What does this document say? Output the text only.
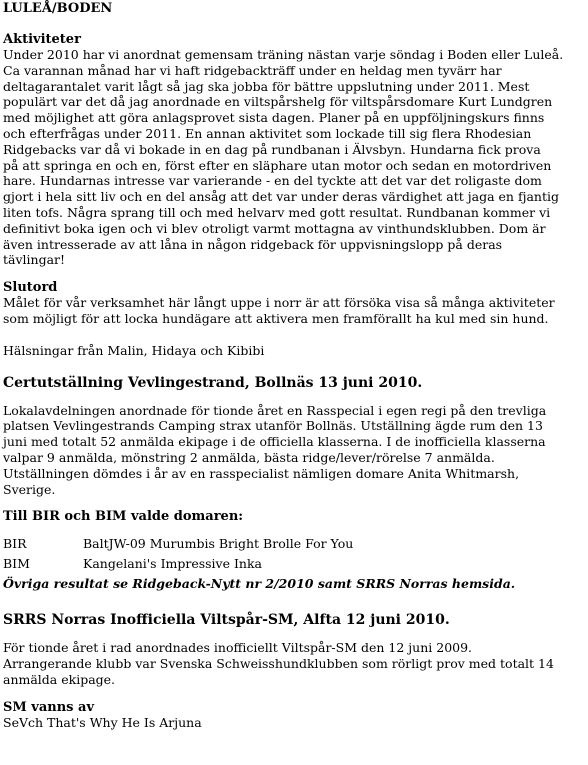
LULEÅ/BODEN

Aktiviteter

Under 2010 har vi anordnat gemensam träning nästan varje söndag i Boden eller Luleå.
Ca varannan månad har vi haft ridgebackträff under en heldag men tyvärr har
deltagarantalet varit lågt så jag ska jobba för bättre uppslutning under 2011. Mest
populärt var det då jag anordnade en viltspårshelg för viltspårsdomare Kurt Lundgren
med möjlighet att göra anlagsprovet sista dagen. Planer på en uppföljningskurs finns
och efterfrågas under 2011. En annan aktivitet som lockade till sig flera Rhodesian
Ridgebacks var då vi bokade in en dag på rundbanan i Älvsbyn. Hundarna fick prova
på att springa en och en, först efter en släphare utan motor och sedan en motordriven
hare. Hundarnas intresse var varierande - en del tyckte att det var det roligaste dom
gjort i hela sitt liv och en del ansåg att det var under deras värdighet att jaga en fjantig
liten tofs. Några sprang till och med helvarv med gott resultat. Rundbanan kommer vi
definitivt boka igen och vi blev otroligt varmt mottagna av vinthundsklubben. Dom är
även intresserade av att låna in någon ridgeback för uppvisningslopp på deras
tävlingar!

Slutord

Målet för vår verksamhet här långt uppe i norr är att försöka visa så många aktiviteter
som möjligt för att locka hundägare att aktivera men framförallt ha kul med sin hund.

Hälsningar från Malin, Hidaya och Kibibi

Certutställning Vevlingestrand, Bollnäs 13 juni 2010.

Lokalavdelningen anordnade för tionde året en Rasspecial i egen regi på den trevliga
platsen Vevlingestrands Camping strax utanför Bollnäs. Utställning ägde rum den 13
juni med totalt 52 anmälda ekipage i de officiella klasserna. I de inofficiella klasserna
valpar 9 anmälda, mönstring 2 anmälda, bästa ridge/lever/rörelse 7 anmälda.
Utställningen dömdes i år av en rasspecialist nämligen domare Anita Whitmarsh,
Sverige.

Till BIR och BIM valde domaren:

BIR	BaltJW-09 Murumbis Bright Brolle For You
BIM	Kangelani's Impressive Inka

Övriga resultat se Ridgeback-Nytt nr 2/2010 samt SRRS Norras hemsida.

SRRS Norras Inofficiella Viltspår-SM, Alfta 12 juni 2010.

För tionde året i rad anordnades inofficiellt Viltspår-SM den 12 juni 2009.
Arrangerande klubb var Svenska Schweisshundklubben som rörligt prov med totalt 14
anmälda ekipage.

SM vanns av

SeVch That's Why He Is Arjuna
